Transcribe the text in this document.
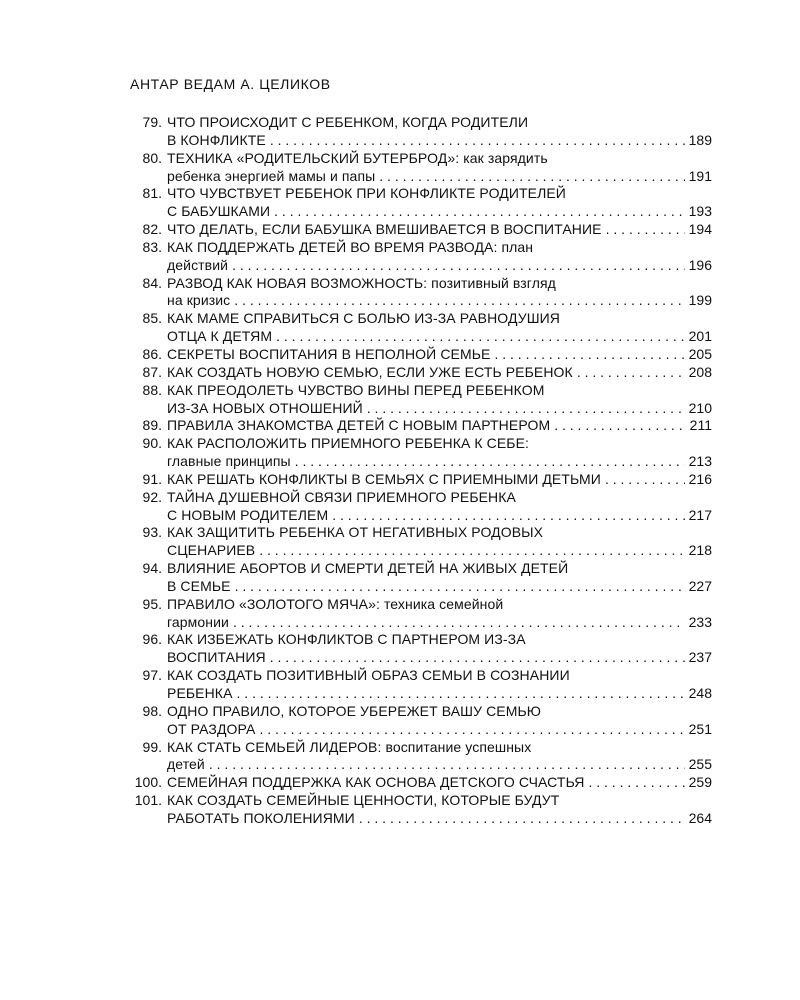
АНТАР ВЕДАМ А. ЦЕЛИКОВ
79. ЧТО ПРОИСХОДИТ С РЕБЕНКОМ, КОГДА РОДИТЕЛИ
В КОНФЛИКТЕ . . .	189
80. ТЕХНИКА «РОДИТЕЛЬСКИЙ БУТЕРБРОД»: как зарядить
ребенка энергией мамы и папы . . .	191
81. ЧТО ЧУВСТВУЕТ РЕБЕНОК ПРИ КОНФЛИКТЕ РОДИТЕЛЕЙ
С БАБУШКАМИ . . .	193
82. ЧТО ДЕЛАТЬ, ЕСЛИ БАБУШКА ВМЕШИВАЕТСЯ В ВОСПИТАНИЕ . . .	194
83. КАК ПОДДЕРЖАТЬ ДЕТЕЙ ВО ВРЕМЯ РАЗВОДА: план
действий . . .	196
84. РАЗВОД КАК НОВАЯ ВОЗМОЖНОСТЬ: позитивный взгляд
на кризис . . .	199
85. КАК МАМЕ СПРАВИТЬСЯ С БОЛЬЮ ИЗ-ЗА РАВНОДУШИЯ
ОТЦА К ДЕТЯМ . . .	201
86. СЕКРЕТЫ ВОСПИТАНИЯ В НЕПОЛНОЙ СЕМЬЕ . . .	205
87. КАК СОЗДАТЬ НОВУЮ СЕМЬЮ, ЕСЛИ УЖЕ ЕСТЬ РЕБЕНОК . . .	208
88. КАК ПРЕОДОЛЕТЬ ЧУВСТВО ВИНЫ ПЕРЕД РЕБЕНКОМ
ИЗ-ЗА НОВЫХ ОТНОШЕНИЙ . . .	210
89. ПРАВИЛА ЗНАКОМСТВА ДЕТЕЙ С НОВЫМ ПАРТНЕРОМ . . .	211
90. КАК РАСПОЛОЖИТЬ ПРИЕМНОГО РЕБЕНКА К СЕБЕ:
главные принципы . . .	213
91. КАК РЕШАТЬ КОНФЛИКТЫ В СЕМЬЯХ С ПРИЕМНЫМИ ДЕТЬМИ . . .	216
92. ТАЙНА ДУШЕВНОЙ СВЯЗИ ПРИЕМНОГО РЕБЕНКА
С НОВЫМ РОДИТЕЛЕМ . . .	217
93. КАК ЗАЩИТИТЬ РЕБЕНКА ОТ НЕГАТИВНЫХ РОДОВЫХ
СЦЕНАРИЕВ . . .	218
94. ВЛИЯНИЕ АБОРТОВ И СМЕРТИ ДЕТЕЙ НА ЖИВЫХ ДЕТЕЙ
В СЕМЬЕ . . .	227
95. ПРАВИЛО «ЗОЛОТОГО МЯЧА»: техника семейной
гармонии . . .	233
96. КАК ИЗБЕЖАТЬ КОНФЛИКТОВ С ПАРТНЕРОМ ИЗ-ЗА
ВОСПИТАНИЯ . . .	237
97. КАК СОЗДАТЬ ПОЗИТИВНЫЙ ОБРАЗ СЕМЬИ В СОЗНАНИИ
РЕБЕНКА . . .	248
98. ОДНО ПРАВИЛО, КОТОРОЕ УБЕРЕЖЕТ ВАШУ СЕМЬЮ
ОТ РАЗДОРА . . .	251
99. КАК СТАТЬ СЕМЬЕЙ ЛИДЕРОВ: воспитание успешных
детей . . .	255
100. СЕМЕЙНАЯ ПОДДЕРЖКА КАК ОСНОВА ДЕТСКОГО СЧАСТЬЯ . . .	259
101. КАК СОЗДАТЬ СЕМЕЙНЫЕ ЦЕННОСТИ, КОТОРЫЕ БУДУТ
РАБОТАТЬ ПОКОЛЕНИЯМИ . . .	264
